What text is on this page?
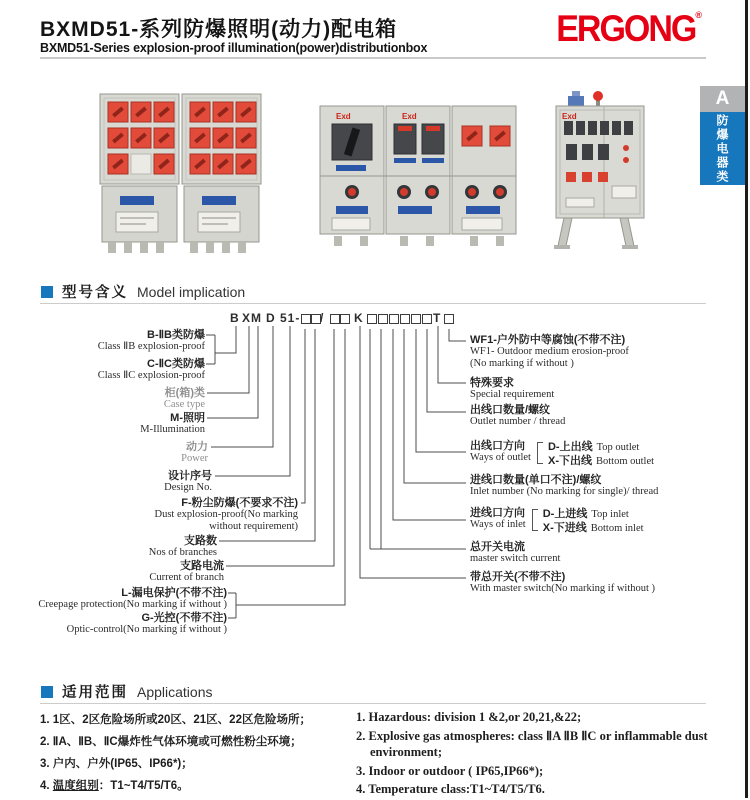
BXMD51-系列防爆照明(动力)配电箱
BXMD51-Series explosion-proof illumination(power)distributionbox	ERGONG®
A
防爆电器类
Exd	Exd	Exd
型号含义 Model implication
B XM D 51- / K	T
B-ⅡB类防爆
Class ⅡB explosion-proof
C-ⅡC类防爆
Class ⅡC explosion-proof
柜(箱)类
Case type
M-照明
M-Illumination
动力
Power
设计序号
Design No.
F-粉尘防爆(不要求不注)
Dust explosion-proof(No marking
without requirement)
支路数
Nos of branches
支路电流
Current of branch
L-漏电保护(不带不注)
Creepage protection(No marking if without )
G-光控(不带不注)
Optic-control(No marking if without )
WF1-户外防中等腐蚀(不带不注)
WF1- Outdoor medium erosion-proof
(No marking if without )
特殊要求
Special requirement
出线口数量/螺纹
Outlet number / thread
出线口方向
Ways of outlet
D-上出线 Top outlet
X-下出线 Bottom outlet
进线口数量(单口不注)/螺纹
Inlet number (No marking for single)/ thread
进线口方向
Ways of inlet
D-上进线 Top inlet
X-下进线 Bottom inlet
总开关电流
master switch current
带总开关(不带不注)
With master switch(No marking if without )
适用范围 Applications
1. 1区、2区危险场所或20区、21区、22区危险场所；
2. ⅡA、ⅡB、ⅡC爆炸性气体环境或可燃性粉尘环境；
3. 户内、户外(IP65、IP66*)；
4. 温度组别：T1~T4/T5/T6。
1. Hazardous: division 1 &2,or 20,21,&22;
2. Explosive gas atmospheres: class ⅡA ⅡB ⅡC or inflammable dust environment;
3. Indoor or outdoor ( IP65,IP66*);
4. Temperature class:T1~T4/T5/T6.
